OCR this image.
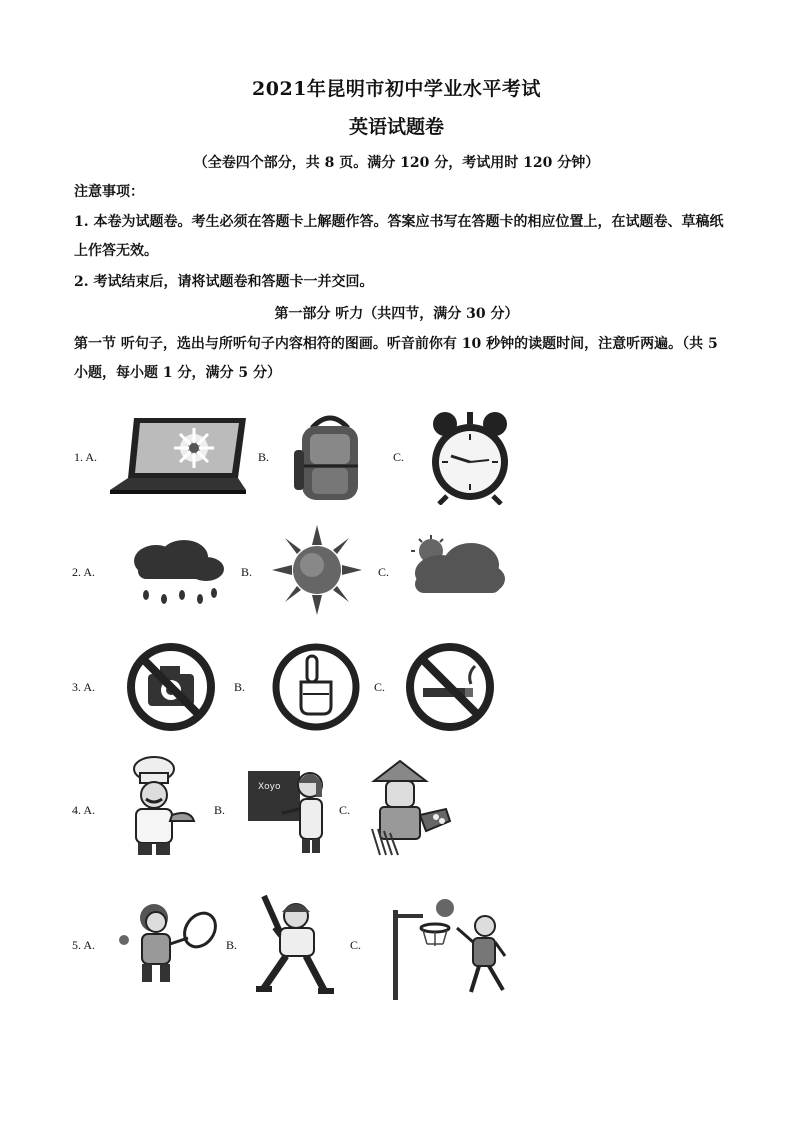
2021年昆明市初中学业水平考试
英语试题卷
（全卷四个部分，共 8 页。满分 120 分，考试用时 120 分钟）
注意事项：
1. 本卷为试题卷。考生必须在答题卡上解题作答。答案应书写在答题卡的相应位置上，在试题卷、草稿纸上作答无效。
2. 考试结束后，请将试题卷和答题卡一并交回。
第一部分 听力（共四节，满分 30 分）
第一节 听句子，选出与所听句子内容相符的图画。听音前你有 10 秒钟的读题时间，注意听两遍。（共 5 小题，每小题 1 分，满分 5 分）
1. A.	B.	C.
2. A.	B.	C.
3. A.	B.	C.
4. A.	B.
Xoyo
C.
5. A.	B.	C.
